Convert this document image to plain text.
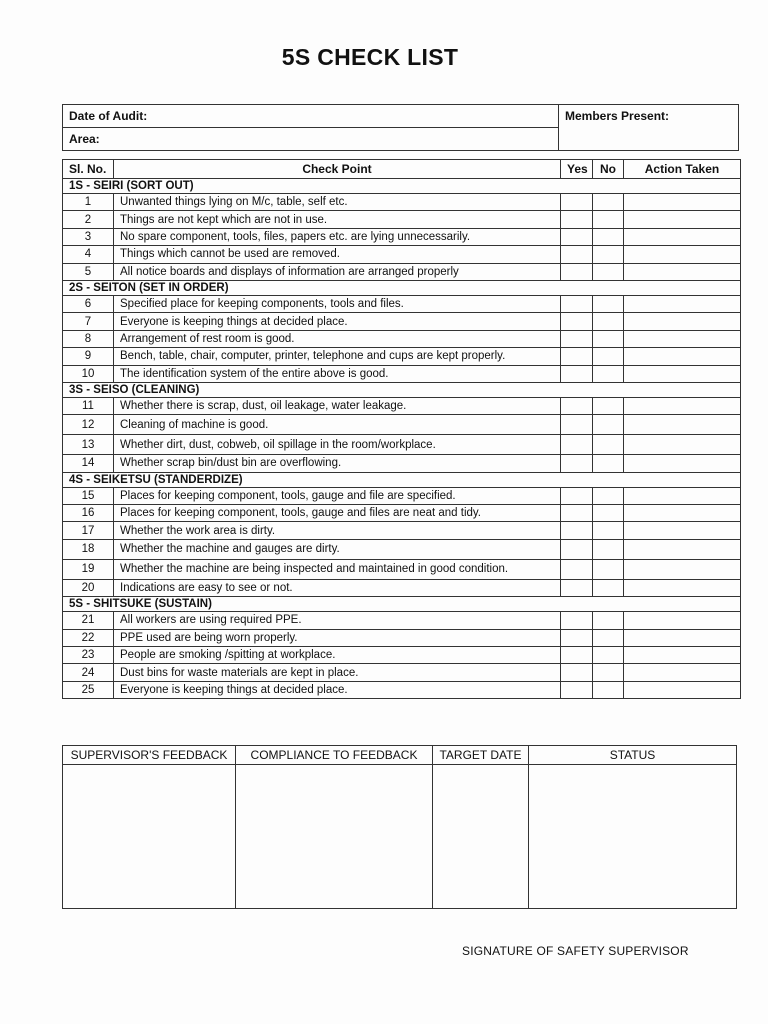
5S CHECK LIST
Date of Audit:	Members Present:
Area:
Sl. No.	Check Point	Yes	No	Action Taken
1S - SEIRI (SORT OUT)				
1	Unwanted things lying on M/c, table, self etc.			
2	Things are not kept which are not in use.			
3	No spare component, tools, files, papers etc. are lying unnecessarily.			
4	Things which cannot be used are removed.			
5	All notice boards and displays of information are arranged properly			
2S - SEITON (SET IN ORDER)				
6	Specified place for keeping components, tools and files.			
7	Everyone is keeping things at decided place.			
8	Arrangement of rest room is good.			
9	Bench, table, chair, computer, printer, telephone and cups are kept properly.			
10	The identification system of the entire above is good.			
3S - SEISO (CLEANING)				
11	Whether there is scrap, dust, oil leakage, water leakage.			
12	Cleaning of machine is good.			
13	Whether dirt, dust, cobweb, oil spillage in the room/workplace.			
14	Whether scrap bin/dust bin are overflowing.			
4S - SEIKETSU (STANDERDIZE)				
15	Places for keeping component, tools, gauge and file are specified.			
16	Places for keeping component, tools, gauge and files are neat and tidy.			
17	Whether the work area is dirty.			
18	Whether the machine and gauges are dirty.			
19	Whether the machine are being inspected and maintained in good condition.			
20	Indications are easy to see or not.			
5S - SHITSUKE (SUSTAIN)				
21	All workers are using required PPE.			
22	PPE used are being worn properly.			
23	People are smoking /spitting at workplace.			
24	Dust bins for waste materials are kept in place.			
25	Everyone is keeping things at decided place.			
SUPERVISOR'S FEEDBACK	COMPLIANCE TO FEEDBACK	TARGET DATE	STATUS

SIGNATURE OF SAFETY SUPERVISOR
